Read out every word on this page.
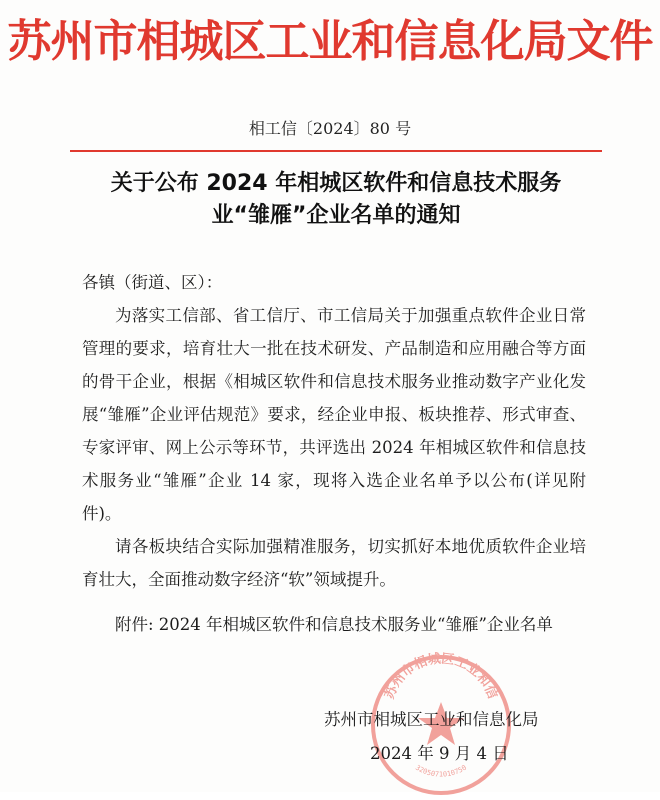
苏州市相城区工业和信息化局文件
相工信〔2024〕80 号
关于公布 2024 年相城区软件和信息技术服务
业“雏雁”企业名单的通知

各镇（街道、区）：

为落实工信部、省工信厅、市工信局关于加强重点软件企业日常管理的要求，培育壮大一批在技术研发、产品制造和应用融合等方面的骨干企业，根据《相城区软件和信息技术服务业推动数字产业化发展“雏雁”企业评估规范》要求，经企业申报、板块推荐、形式审查、专家评审、网上公示等环节，共评选出 2024 年相城区软件和信息技术服务业“雏雁”企业 14 家，现将入选企业名单予以公布(详见附件)。

请各板块结合实际加强精准服务，切实抓好本地优质软件企业培育壮大，全面推动数字经济“软”领域提升。

附件: 2024 年相城区软件和信息技术服务业“雏雁”企业名单
苏州市相城区工业和信
3205071010750
苏州市相城区工业和信息化局
2024 年 9 月 4 日
